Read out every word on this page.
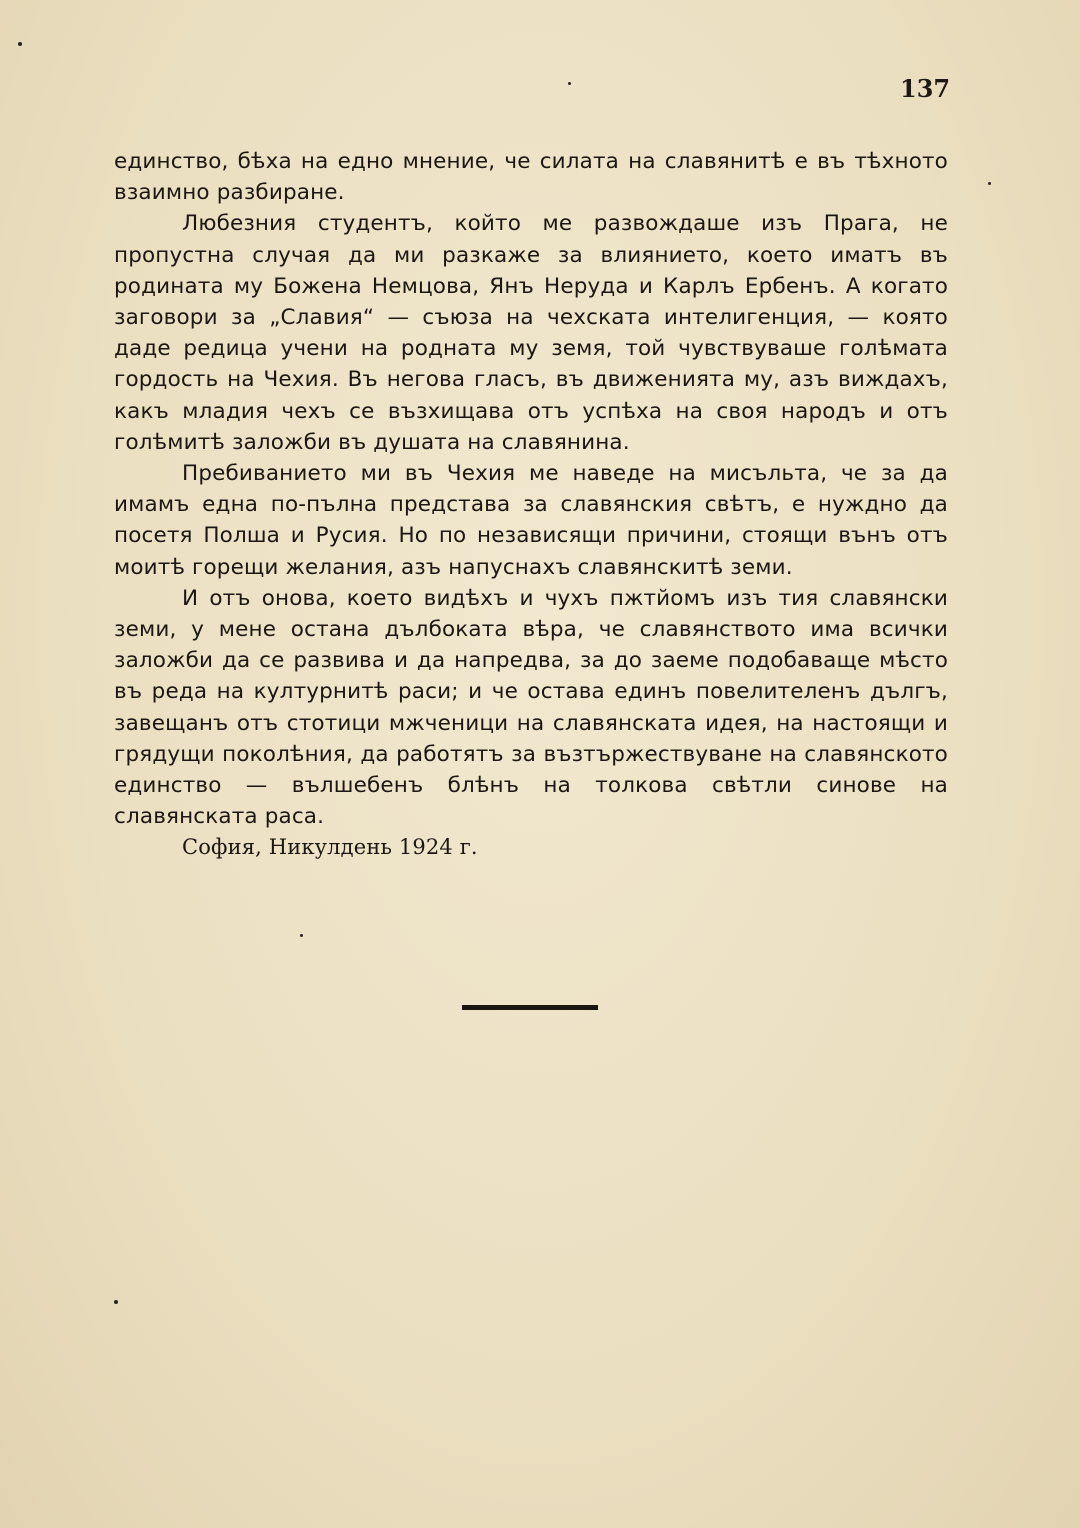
137

единство, бѣха на едно мнение, че силата на славянитѣ е въ тѣхното взаимно разбиране.

Любезния студентъ, който ме развождаше изъ Прага, не пропустна случая да ми разкаже за влиянието, което иматъ въ родината му Божена Немцова, Янъ Неруда и Карлъ Ербенъ. А когато заговори за „Славия“ — съюза на чехската интелигенция, — която даде редица учени на родната му земя, той чувствуваше голѣмата гордость на Чехия. Въ негова гласъ, въ движенията му, азъ виждахъ, какъ младия чехъ се възхищава отъ успѣха на своя народъ и отъ голѣмитѣ заложби въ душата на славянина.

Пребиванието ми въ Чехия ме наведе на мисъльта, че за да имамъ една по-пълна представа за славянския свѣтъ, е нуждно да посетя Полша и Русия. Но по независящи причини, стоящи вънъ отъ моитѣ горещи желания, азъ напуснахъ славянскитѣ земи.

И отъ онова, което видѣхъ и чухъ пжтйомъ изъ тия славянски земи, у мене остана дълбоката вѣра, че славянството има всички заложби да се развива и да напредва, за до заеме подобаваще мѣсто въ реда на културнитѣ раси; и че остава единъ повелителенъ дългъ, завещанъ отъ стотици мжченици на славянската идея, на настоящи и грядущи поколѣния, да работятъ за възтържествуване на славянското единство — вълшебенъ блѣнъ на толкова свѣтли синове на славянската раса.

София, Никулдень 1924 г.
